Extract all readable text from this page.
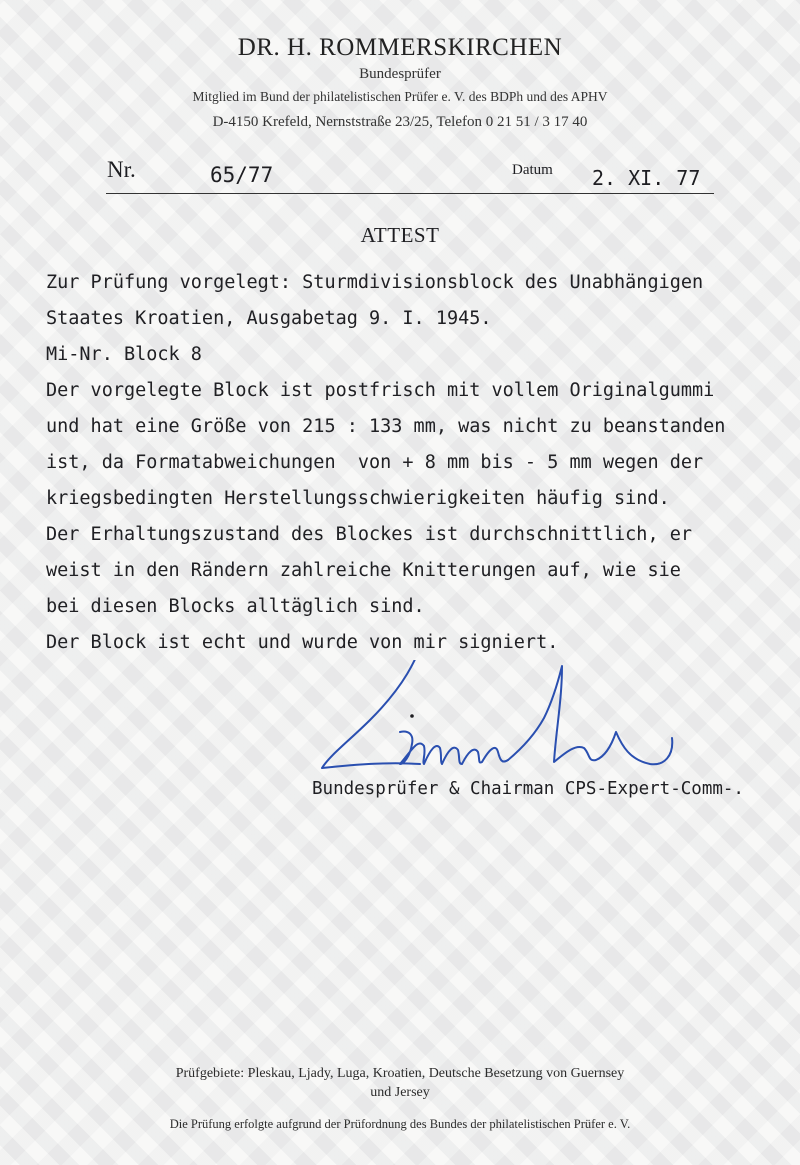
DR. H. ROMMERSKIRCHEN
Bundesprüfer
Mitglied im Bund der philatelistischen Prüfer e. V. des BDPh und des APHV
D-4150 Krefeld, Nernststraße 23/25, Telefon 0 21 51 / 3 17 40
Nr.	65/77	Datum 2. XI. 77
ATTEST
Zur Prüfung vorgelegt: Sturmdivisionsblock des Unabhängigen
Staates Kroatien, Ausgabetag 9. I. 1945.
Mi-Nr. Block 8
Der vorgelegte Block ist postfrisch mit vollem Originalgummi
und hat eine Größe von 215 : 133 mm, was nicht zu beanstanden
ist, da Formatabweichungen  von + 8 mm bis - 5 mm wegen der
kriegsbedingten Herstellungsschwierigkeiten häufig sind.
Der Erhaltungszustand des Blockes ist durchschnittlich, er
weist in den Rändern zahlreiche Knitterungen auf, wie sie
bei diesen Blocks alltäglich sind.
Der Block ist echt und wurde von mir signiert.
Bundesprüfer & Chairman CPS-Expert-Comm-.
Prüfgebiete: Pleskau, Ljady, Luga, Kroatien, Deutsche Besetzung von Guernsey
und Jersey
Die Prüfung erfolgte aufgrund der Prüfordnung des Bundes der philatelistischen Prüfer e. V.
